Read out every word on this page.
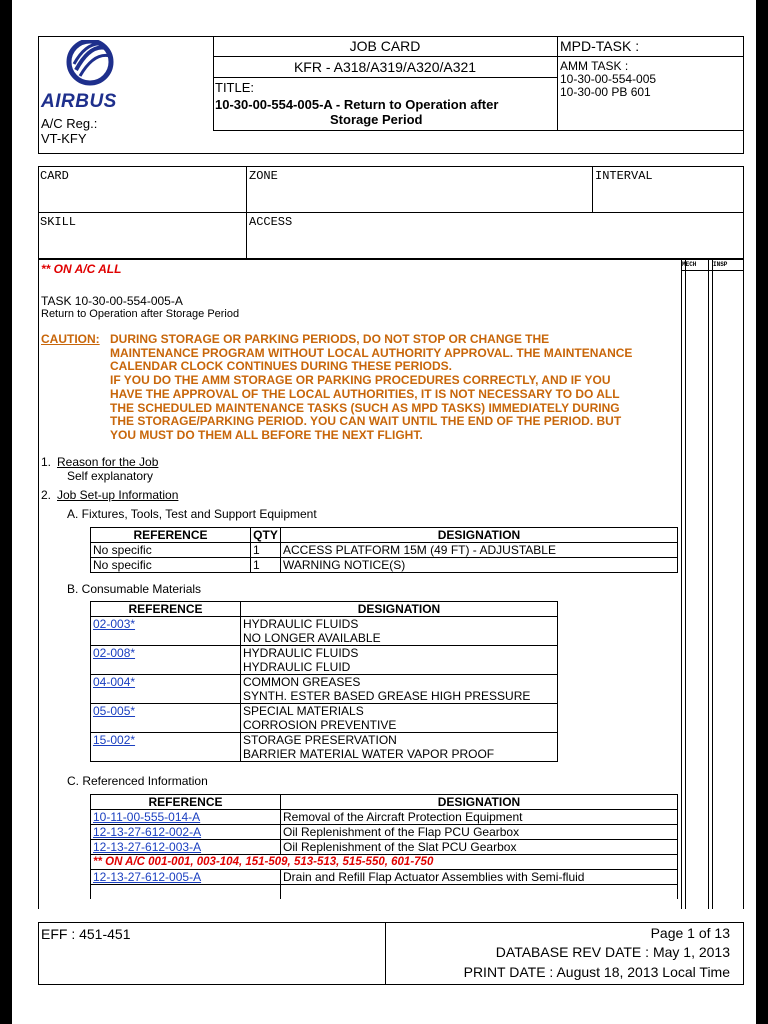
AIRBUS
A/C Reg.:
VT-KFY
JOB CARD
KFR - A318/A319/A320/A321
TITLE:
10-30-00-554-005-A - Return to Operation after
Storage Period
MPD-TASK :
AMM TASK :
10-30-00-554-005
10-30-00 PB 601
CARD	ZONE	INTERVAL
SKILL	ACCESS
MECH	INSP
** ON A/C ALL
TASK 10-30-00-554-005-A
Return to Operation after Storage Period
CAUTION: DURING STORAGE OR PARKING PERIODS, DO NOT STOP OR CHANGE THE
MAINTENANCE PROGRAM WITHOUT LOCAL AUTHORITY APPROVAL. THE MAINTENANCE
CALENDAR CLOCK CONTINUES DURING THESE PERIODS.
IF YOU DO THE AMM STORAGE OR PARKING PROCEDURES CORRECTLY, AND IF YOU
HAVE THE APPROVAL OF THE LOCAL AUTHORITIES, IT IS NOT NECESSARY TO DO ALL
THE SCHEDULED MAINTENANCE TASKS (SUCH AS MPD TASKS) IMMEDIATELY DURING
THE STORAGE/PARKING PERIOD. YOU CAN WAIT UNTIL THE END OF THE PERIOD. BUT
YOU MUST DO THEM ALL BEFORE THE NEXT FLIGHT.
1. Reason for the Job
Self explanatory
2. Job Set-up Information
A. Fixtures, Tools, Test and Support Equipment
REFERENCE	QTY	DESIGNATION
No specific	1	ACCESS PLATFORM 15M (49 FT) - ADJUSTABLE
No specific	1	WARNING NOTICE(S)
B. Consumable Materials
REFERENCE	DESIGNATION
02-003*	HYDRAULIC FLUIDS
NO LONGER AVAILABLE

02-008*	HYDRAULIC FLUIDS
HYDRAULIC FLUID

04-004*	COMMON GREASES
SYNTH. ESTER BASED GREASE HIGH PRESSURE

05-005*	SPECIAL MATERIALS
CORROSION PREVENTIVE

15-002*	STORAGE PRESERVATION
BARRIER MATERIAL WATER VAPOR PROOF
C. Referenced Information
REFERENCE	DESIGNATION
10-11-00-555-014-A	Removal of the Aircraft Protection Equipment
12-13-27-612-002-A	Oil Replenishment of the Flap PCU Gearbox
12-13-27-612-003-A	Oil Replenishment of the Slat PCU Gearbox
** ON A/C 001-001, 003-104, 151-509, 513-513, 515-550, 601-750	
12-13-27-612-005-A	Drain and Refill Flap Actuator Assemblies with Semi-fluid

EFF : 451-451	Page 1 of 13
DATABASE REV DATE : May 1, 2013
PRINT DATE : August 18, 2013 Local Time
